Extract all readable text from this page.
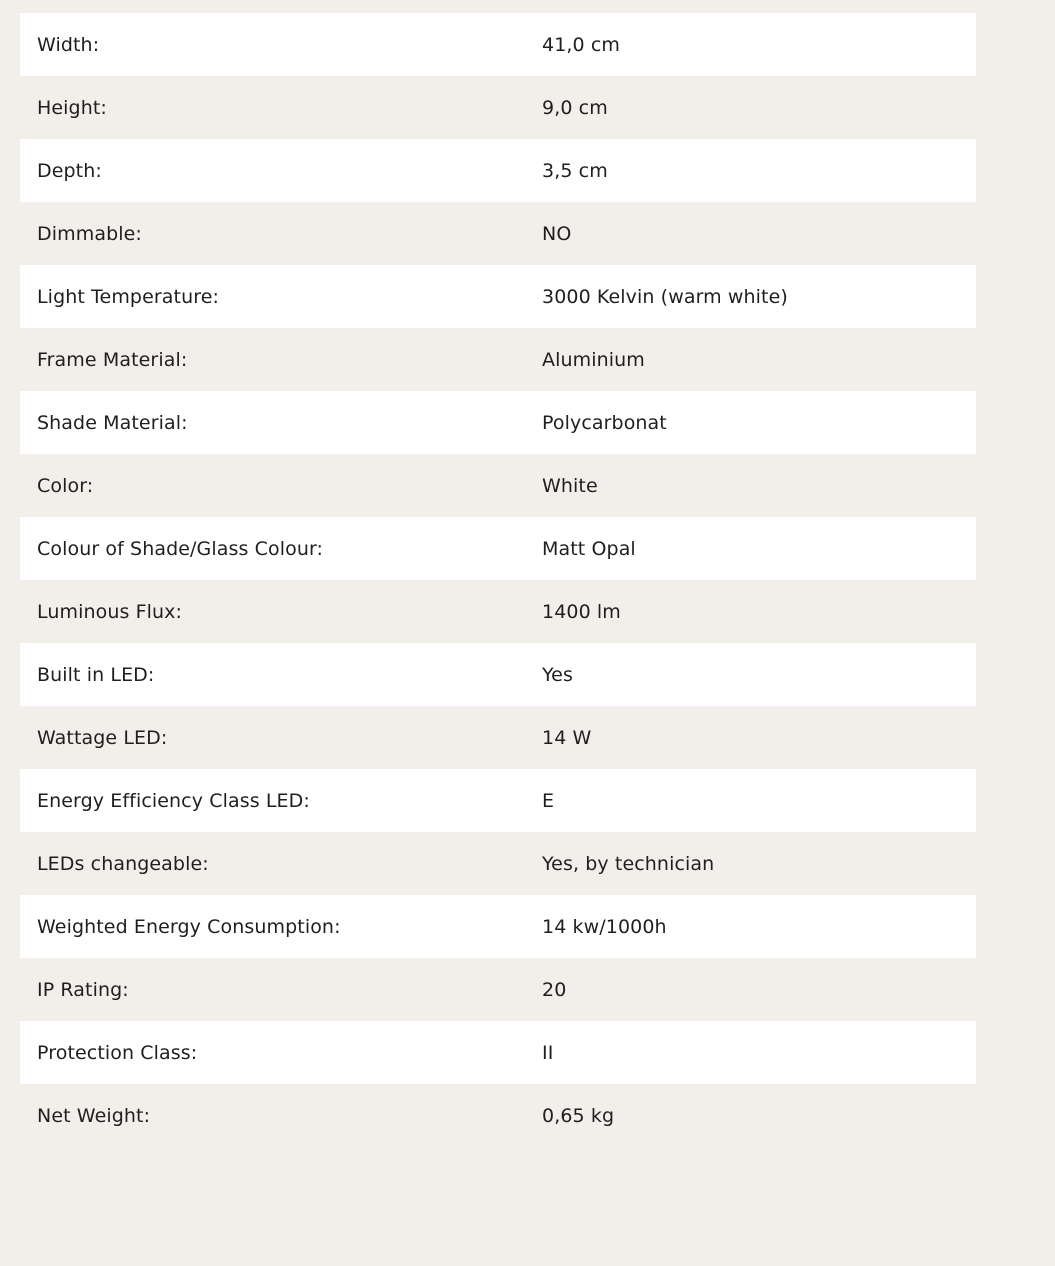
Width:	41,0 cm
Height:	9,0 cm
Depth:	3,5 cm
Dimmable:	NO
Light Temperature:	3000 Kelvin (warm white)
Frame Material:	Aluminium
Shade Material:	Polycarbonat
Color:	White
Colour of Shade/Glass Colour:	Matt Opal
Luminous Flux:	1400 lm
Built in LED:	Yes
Wattage LED:	14 W
Energy Efficiency Class LED:	E
LEDs changeable:	Yes, by technician
Weighted Energy Consumption:	14 kw/1000h
IP Rating:	20
Protection Class:	II
Net Weight:	0,65 kg
